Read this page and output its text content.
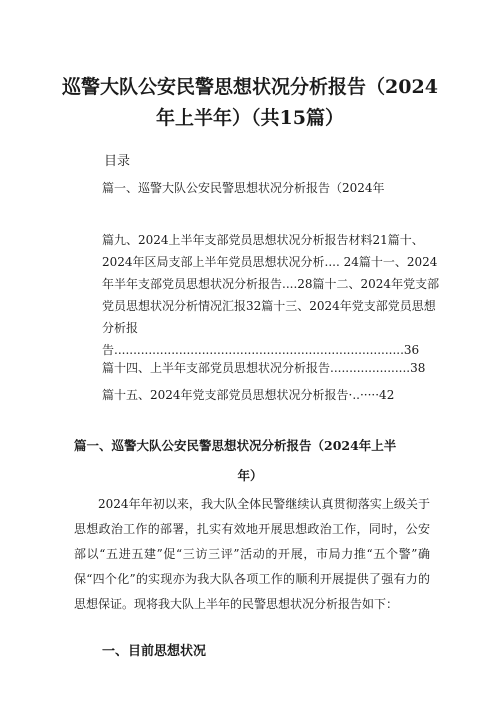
巡警大队公安民警思想状况分析报告（2024
年上半年）（共15篇）
目录
篇一、巡警大队公安民警思想状况分析报告（2024年
篇九、2024上半年支部党员思想状况分析报告材料21篇十、2024年区局支部上半年党员思想状况分析.... 24篇十一、2024年半年支部党员思想状况分析报告....28篇十二、2024年党支部党员思想状况分析情况汇报32篇十三、2024年党支部党员思想分析报告............................................................................36
篇十四、上半年支部党员思想状况分析报告.....................38
篇十五、2024年党支部党员思想状况分析报告·..·····42
篇一、巡警大队公安民警思想状况分析报告（2024年上半
年）
2024年年初以来，我大队全体民警继续认真贯彻落实上级关于思想政治工作的部署，扎实有效地开展思想政治工作，同时，公安部以“五进五建”促“三访三评”活动的开展，市局力推“五个警”确保“四个化”的实现亦为我大队各项工作的顺利开展提供了强有力的思想保证。现将我大队上半年的民警思想状况分析报告如下：
一、目前思想状况
